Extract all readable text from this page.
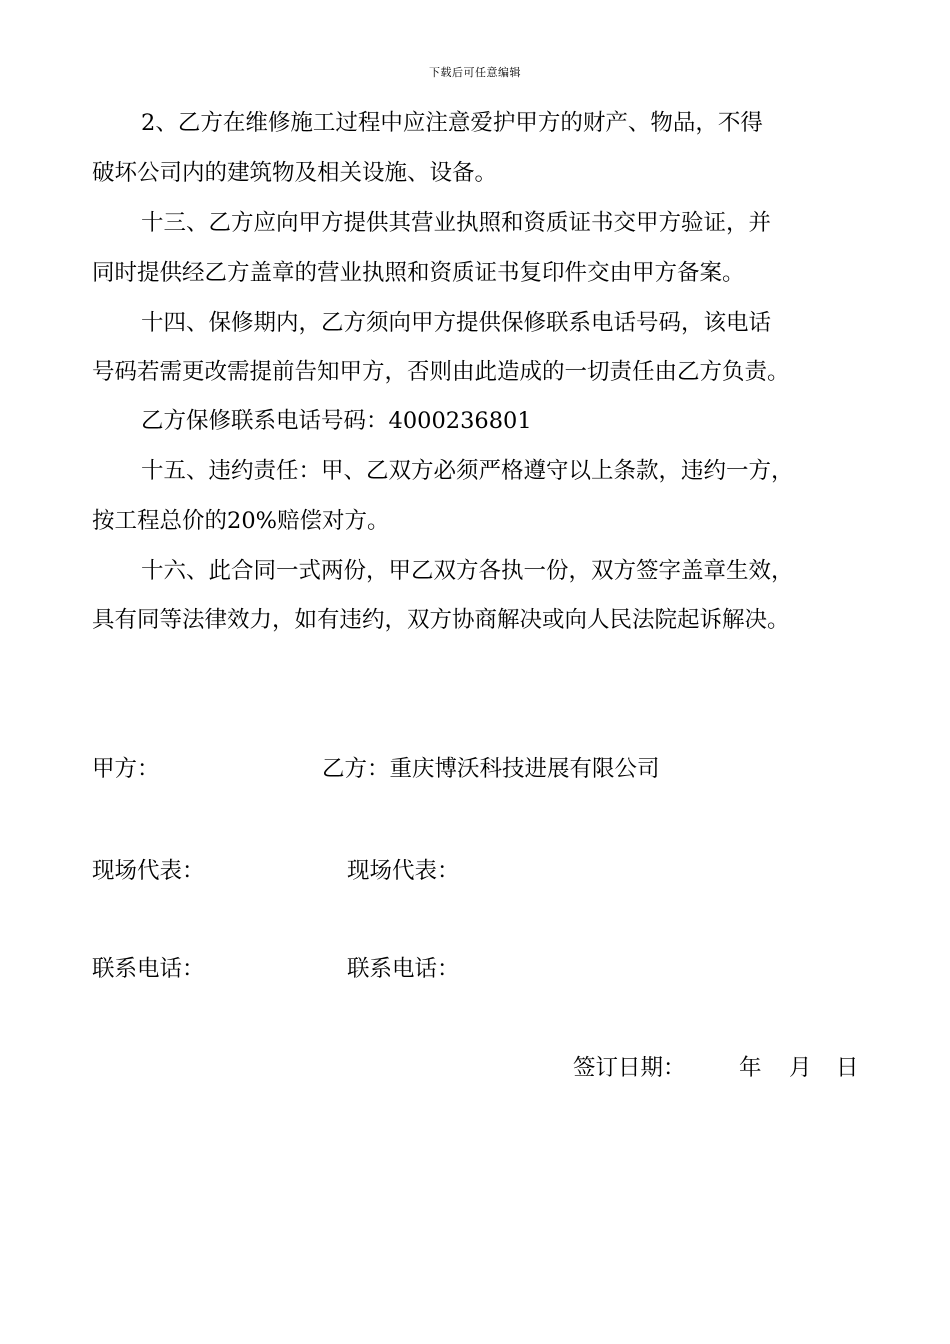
下载后可任意编辑
2、乙方在维修施工过程中应注意爱护甲方的财产、物品，不得
破坏公司内的建筑物及相关设施、设备。
十三、乙方应向甲方提供其营业执照和资质证书交甲方验证，并
同时提供经乙方盖章的营业执照和资质证书复印件交由甲方备案。
十四、保修期内，乙方须向甲方提供保修联系电话号码，该电话
号码若需更改需提前告知甲方，否则由此造成的一切责任由乙方负责。
乙方保修联系电话号码：4000236801
十五、违约责任：甲、乙双方必须严格遵守以上条款，违约一方，
按工程总价的20%赔偿对方。
十六、此合同一式两份，甲乙双方各执一份，双方签字盖章生效，
具有同等法律效力，如有违约，双方协商解决或向人民法院起诉解决。
甲方：	乙方：重庆博沃科技进展有限公司
现场代表：	现场代表：
联系电话：	联系电话：
签订日期： 年 月 日
